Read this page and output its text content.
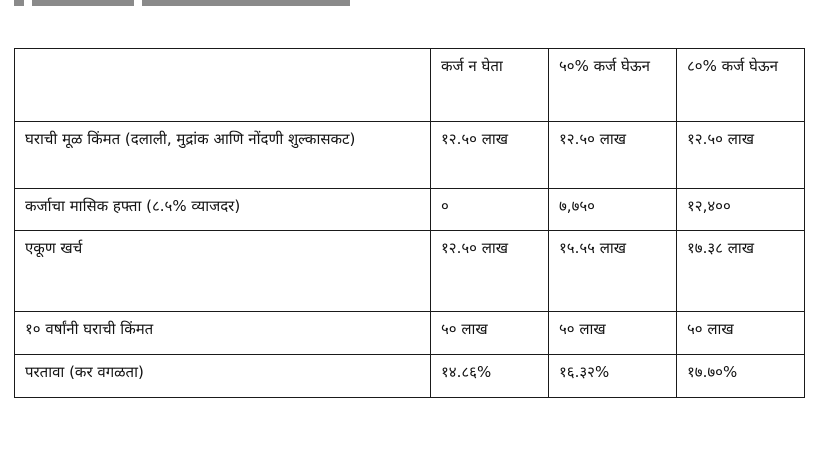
	कर्ज न घेता	५०% कर्ज घेऊन	८०% कर्ज घेऊन

घराची मूळ किंमत (दलाली, मुद्रांक आणि नोंदणी शुल्कासकट)	१२.५० लाख	१२.५० लाख	१२.५० लाख

कर्जाचा मासिक हफ्ता (८.५% व्याजदर)	०	७,७५०	१२,४००

एकूण खर्च	१२.५० लाख	१५.५५ लाख	१७.३८ लाख

१० वर्षांनी घराची किंमत	५० लाख	५० लाख	५० लाख

परतावा (कर वगळता)	१४.८६%	१६.३२%	१७.७०%
